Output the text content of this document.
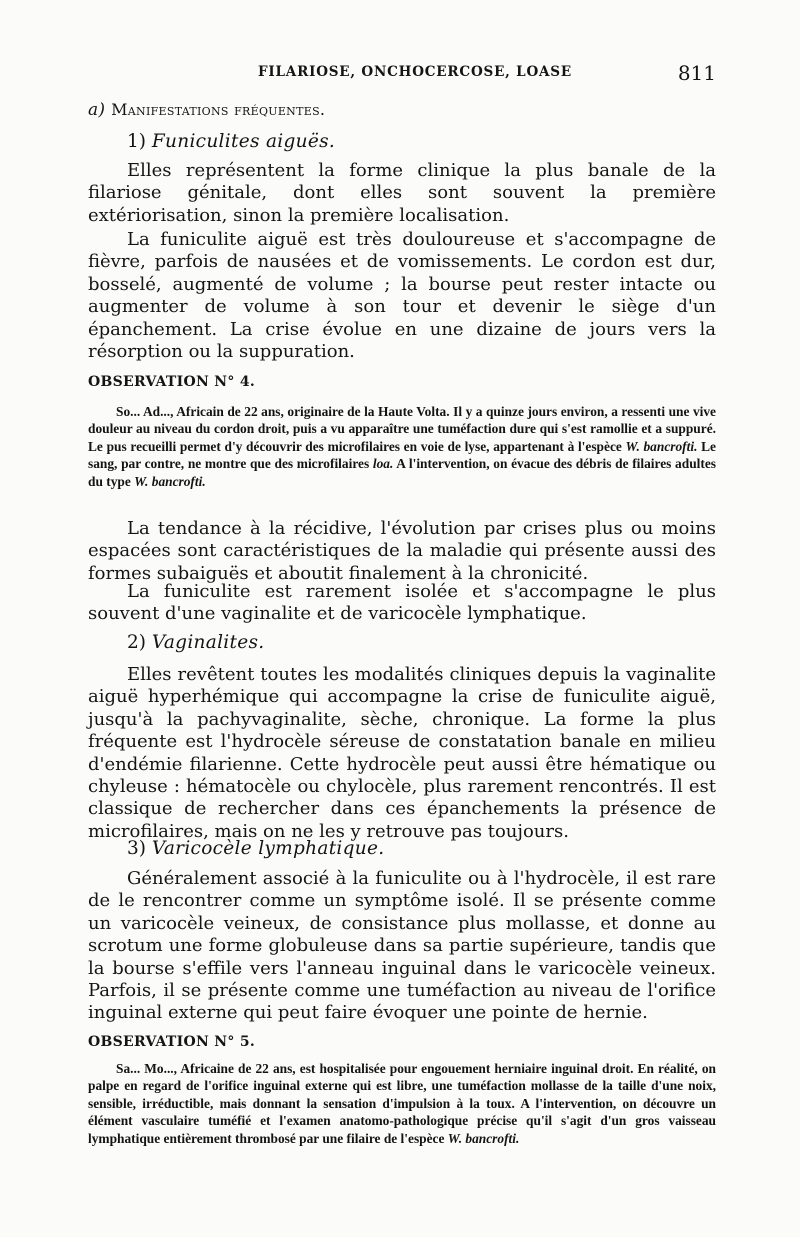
FILARIOSE, ONCHOCERCOSE, LOASE	811
a) Manifestations fréquentes.
1) Funiculites aiguës.

Elles représentent la forme clinique la plus banale de la filariose génitale, dont elles sont souvent la première extériorisation, sinon la première localisation.

La funiculite aiguë est très douloureuse et s'accompagne de fièvre, parfois de nausées et de vomissements. Le cordon est dur, bosselé, augmenté de volume ; la bourse peut rester intacte ou augmenter de volume à son tour et devenir le siège d'un épanchement. La crise évolue en une dizaine de jours vers la résorption ou la suppuration.

OBSERVATION N° 4.

So... Ad..., Africain de 22 ans, originaire de la Haute Volta. Il y a quinze jours environ, a ressenti une vive douleur au niveau du cordon droit, puis a vu apparaître une tuméfaction dure qui s'est ramollie et a suppuré. Le pus recueilli permet d'y découvrir des microfilaires en voie de lyse, appartenant à l'espèce W. bancrofti. Le sang, par contre, ne montre que des microfilaires loa. A l'intervention, on évacue des débris de filaires adultes du type W. bancrofti.

La tendance à la récidive, l'évolution par crises plus ou moins espacées sont caractéristiques de la maladie qui présente aussi des formes subaiguës et aboutit finalement à la chronicité.

La funiculite est rarement isolée et s'accompagne le plus souvent d'une vaginalite et de varicocèle lymphatique.

2) Vaginalites.

Elles revêtent toutes les modalités cliniques depuis la vaginalite aiguë hyperhémique qui accompagne la crise de funiculite aiguë, jusqu'à la pachyvaginalite, sèche, chronique. La forme la plus fréquente est l'hydrocèle séreuse de constatation banale en milieu d'endémie filarienne. Cette hydrocèle peut aussi être hématique ou chyleuse : hématocèle ou chylocèle, plus rarement rencontrés. Il est classique de rechercher dans ces épanchements la présence de microfilaires, mais on ne les y retrouve pas toujours.

3) Varicocèle lymphatique.

Généralement associé à la funiculite ou à l'hydrocèle, il est rare de le rencontrer comme un symptôme isolé. Il se présente comme un varicocèle veineux, de consistance plus mollasse, et donne au scrotum une forme globuleuse dans sa partie supérieure, tandis que la bourse s'effile vers l'anneau inguinal dans le varicocèle veineux. Parfois, il se présente comme une tuméfaction au niveau de l'orifice inguinal externe qui peut faire évoquer une pointe de hernie.

OBSERVATION N° 5.

Sa... Mo..., Africaine de 22 ans, est hospitalisée pour engouement herniaire inguinal droit. En réalité, on palpe en regard de l'orifice inguinal externe qui est libre, une tuméfaction mollasse de la taille d'une noix, sensible, irréductible, mais donnant la sensation d'impulsion à la toux. A l'intervention, on découvre un élément vasculaire tuméfié et l'examen anatomo-pathologique précise qu'il s'agit d'un gros vaisseau lymphatique entièrement thrombosé par une filaire de l'espèce W. bancrofti.
